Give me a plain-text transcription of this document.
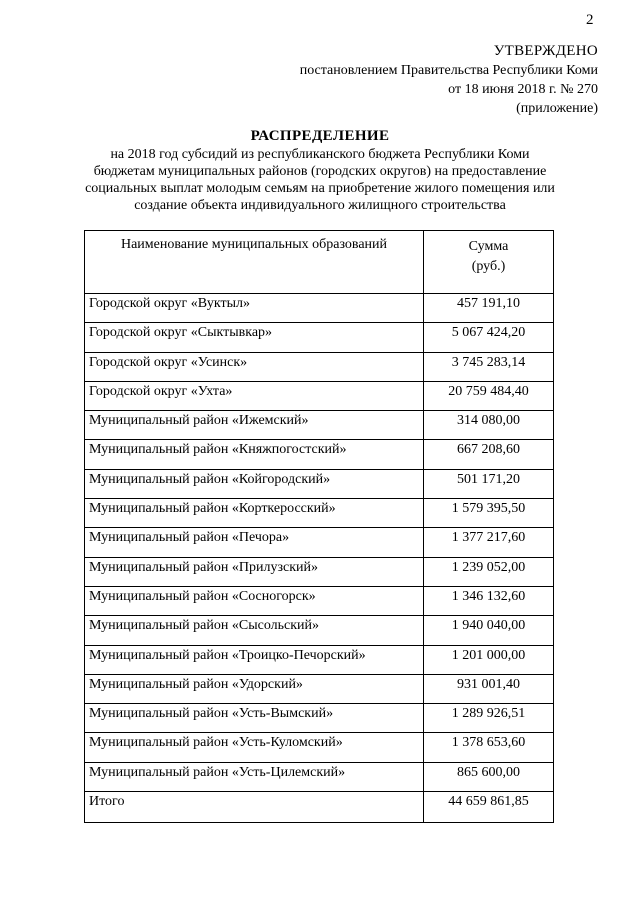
2
УТВЕРЖДЕНО
постановлением Правительства Республики Коми
от 18 июня 2018 г. № 270
(приложение)
РАСПРЕДЕЛЕНИЕ
на 2018 год субсидий из республиканского бюджета Республики Коми
бюджетам муниципальных районов (городских округов) на предоставление
социальных выплат молодым семьям на приобретение жилого помещения или
создание объекта индивидуального жилищного строительства
Наименование муниципальных образований	Сумма
(руб.)

Городской округ «Вуктыл»	457 191,10
Городской округ «Сыктывкар»	5 067 424,20
Городской округ «Усинск»	3 745 283,14
Городской округ «Ухта»	20 759 484,40
Муниципальный район «Ижемский»	314 080,00
Муниципальный район «Княжпогостский»	667 208,60
Муниципальный район «Койгородский»	501 171,20
Муниципальный район «Корткеросский»	1 579 395,50
Муниципальный район «Печора»	1 377 217,60
Муниципальный район «Прилузский»	1 239 052,00
Муниципальный район «Сосногорск»	1 346 132,60
Муниципальный район «Сысольский»	1 940 040,00
Муниципальный район «Троицко-Печорский»	1 201 000,00
Муниципальный район «Удорский»	931 001,40
Муниципальный район «Усть-Вымский»	1 289 926,51
Муниципальный район «Усть-Куломский»	1 378 653,60
Муниципальный район «Усть-Цилемский»	865 600,00
Итого	44 659 861,85
